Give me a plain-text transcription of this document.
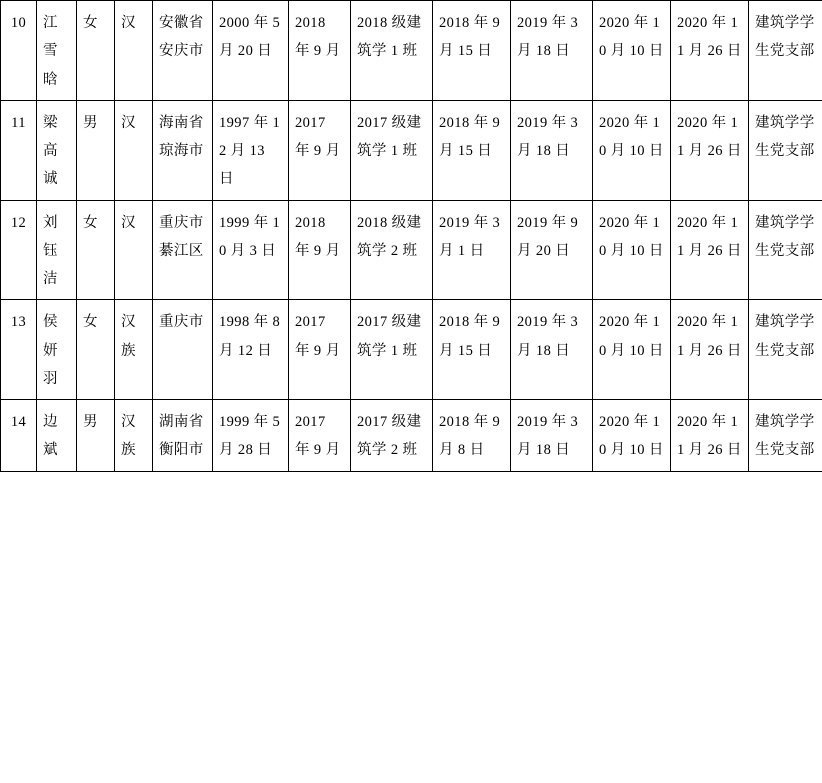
10	江雪晗	女	汉	安徽省安庆市	2000 年 5 月 20 日	2018 年 9 月	2018 级建筑学 1 班	2018 年 9 月 15 日	2019 年 3 月 18 日	2020 年 10 月 10 日	2020 年 11 月 26 日	建筑学学生党支部
11	梁高诚	男	汉	海南省琼海市	1997 年 12 月 13 日	2017 年 9 月	2017 级建筑学 1 班	2018 年 9 月 15 日	2019 年 3 月 18 日	2020 年 10 月 10 日	2020 年 11 月 26 日	建筑学学生党支部
12	刘钰洁	女	汉	重庆市綦江区	1999 年 10 月 3 日	2018 年 9 月	2018 级建筑学 2 班	2019 年 3 月 1 日	2019 年 9 月 20 日	2020 年 10 月 10 日	2020 年 11 月 26 日	建筑学学生党支部
13	侯妍羽	女	汉族	重庆市	1998 年 8 月 12 日	2017 年 9 月	2017 级建筑学 1 班	2018 年 9 月 15 日	2019 年 3 月 18 日	2020 年 10 月 10 日	2020 年 11 月 26 日	建筑学学生党支部
14	边斌	男	汉族	湖南省衡阳市	1999 年 5 月 28 日	2017 年 9 月	2017 级建筑学 2 班	2018 年 9 月 8 日	2019 年 3 月 18 日	2020 年 10 月 10 日	2020 年 11 月 26 日	建筑学学生党支部
